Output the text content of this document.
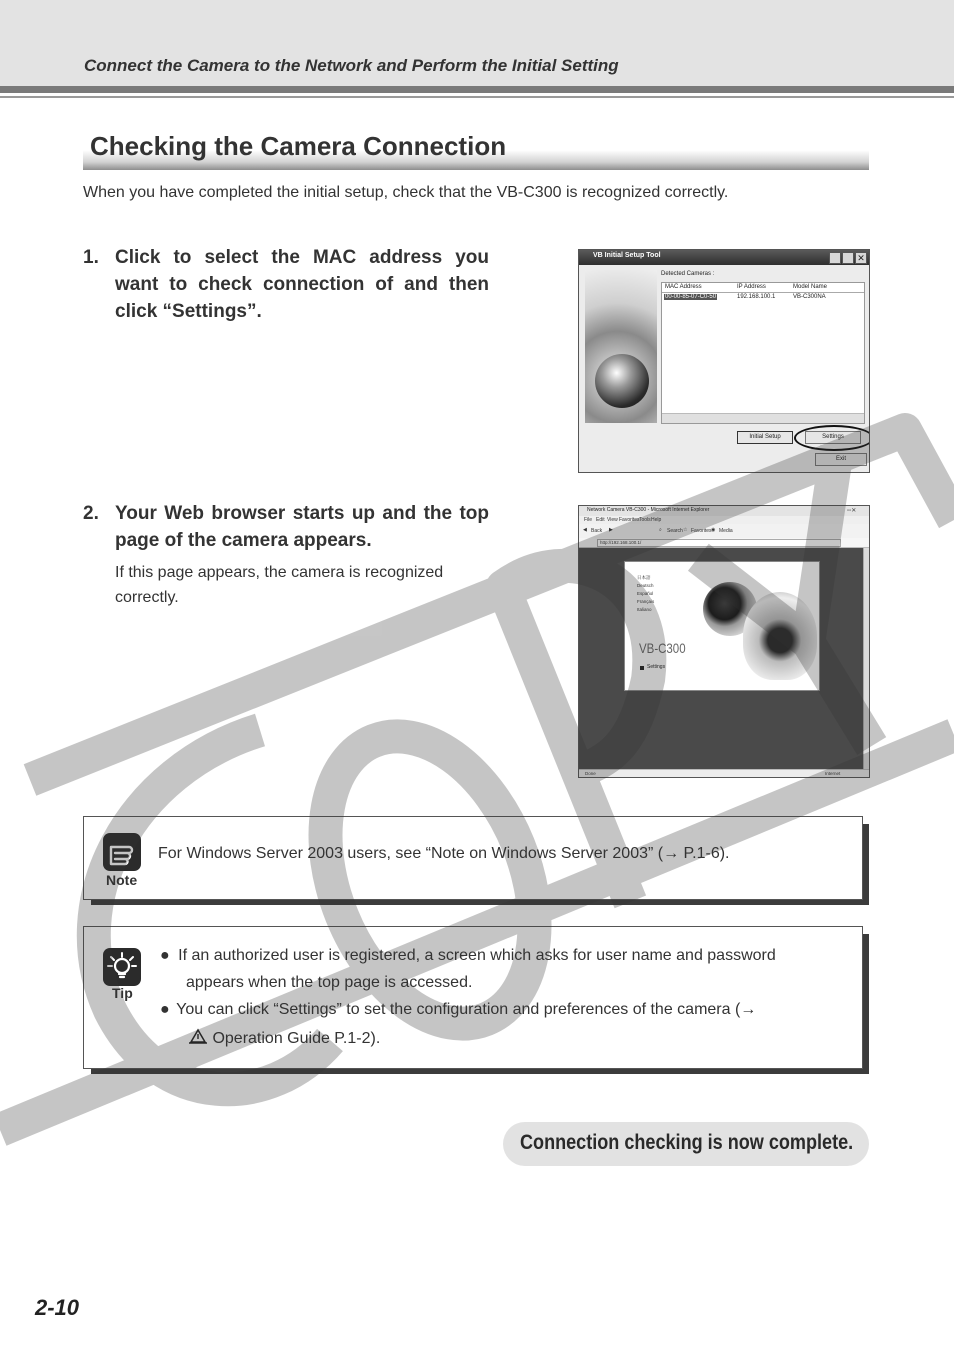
Connect the Camera to the Network and Perform the Initial Setting
Checking the Camera Connection
When you have completed the initial setup, check that the VB-C300 is recognized correctly.
1. Click to select the MAC address you want to check connection of and then click “Settings”.
VB Initial Setup Tool	✕
Detected Cameras :
MAC Address	IP Address	Model Name
00-00-85-07-C0-50	192.168.100.1	VB-C300NA
Initial Setup	Settings
Exit
2. Your Web browser starts up and the top page of the camera appears.
If this page appears, the camera is recognized correctly.
Network Camera VB-C300 - Microsoft Internet Explorer	▫▫✕
File Edit View Favorites Tools Help
◀ Back ▶	⌕ Search ☆ Favorites ◉ Media
http://192.168.100.1/
日本語
Deutsch
Español
Français
Italiano
VB-C300
Settings
Done	Internet
Note
For Windows Server 2003 users, see “Note on Windows Server 2003” (→ P.1-6).
Tip
● If an authorized user is registered, a screen which asks for user name and password
appears when the top page is accessed.
● You can click “Settings” to set the configuration and preferences of the camera (→
Operation Guide P.1-2).
Connection checking is now complete.
2-10
